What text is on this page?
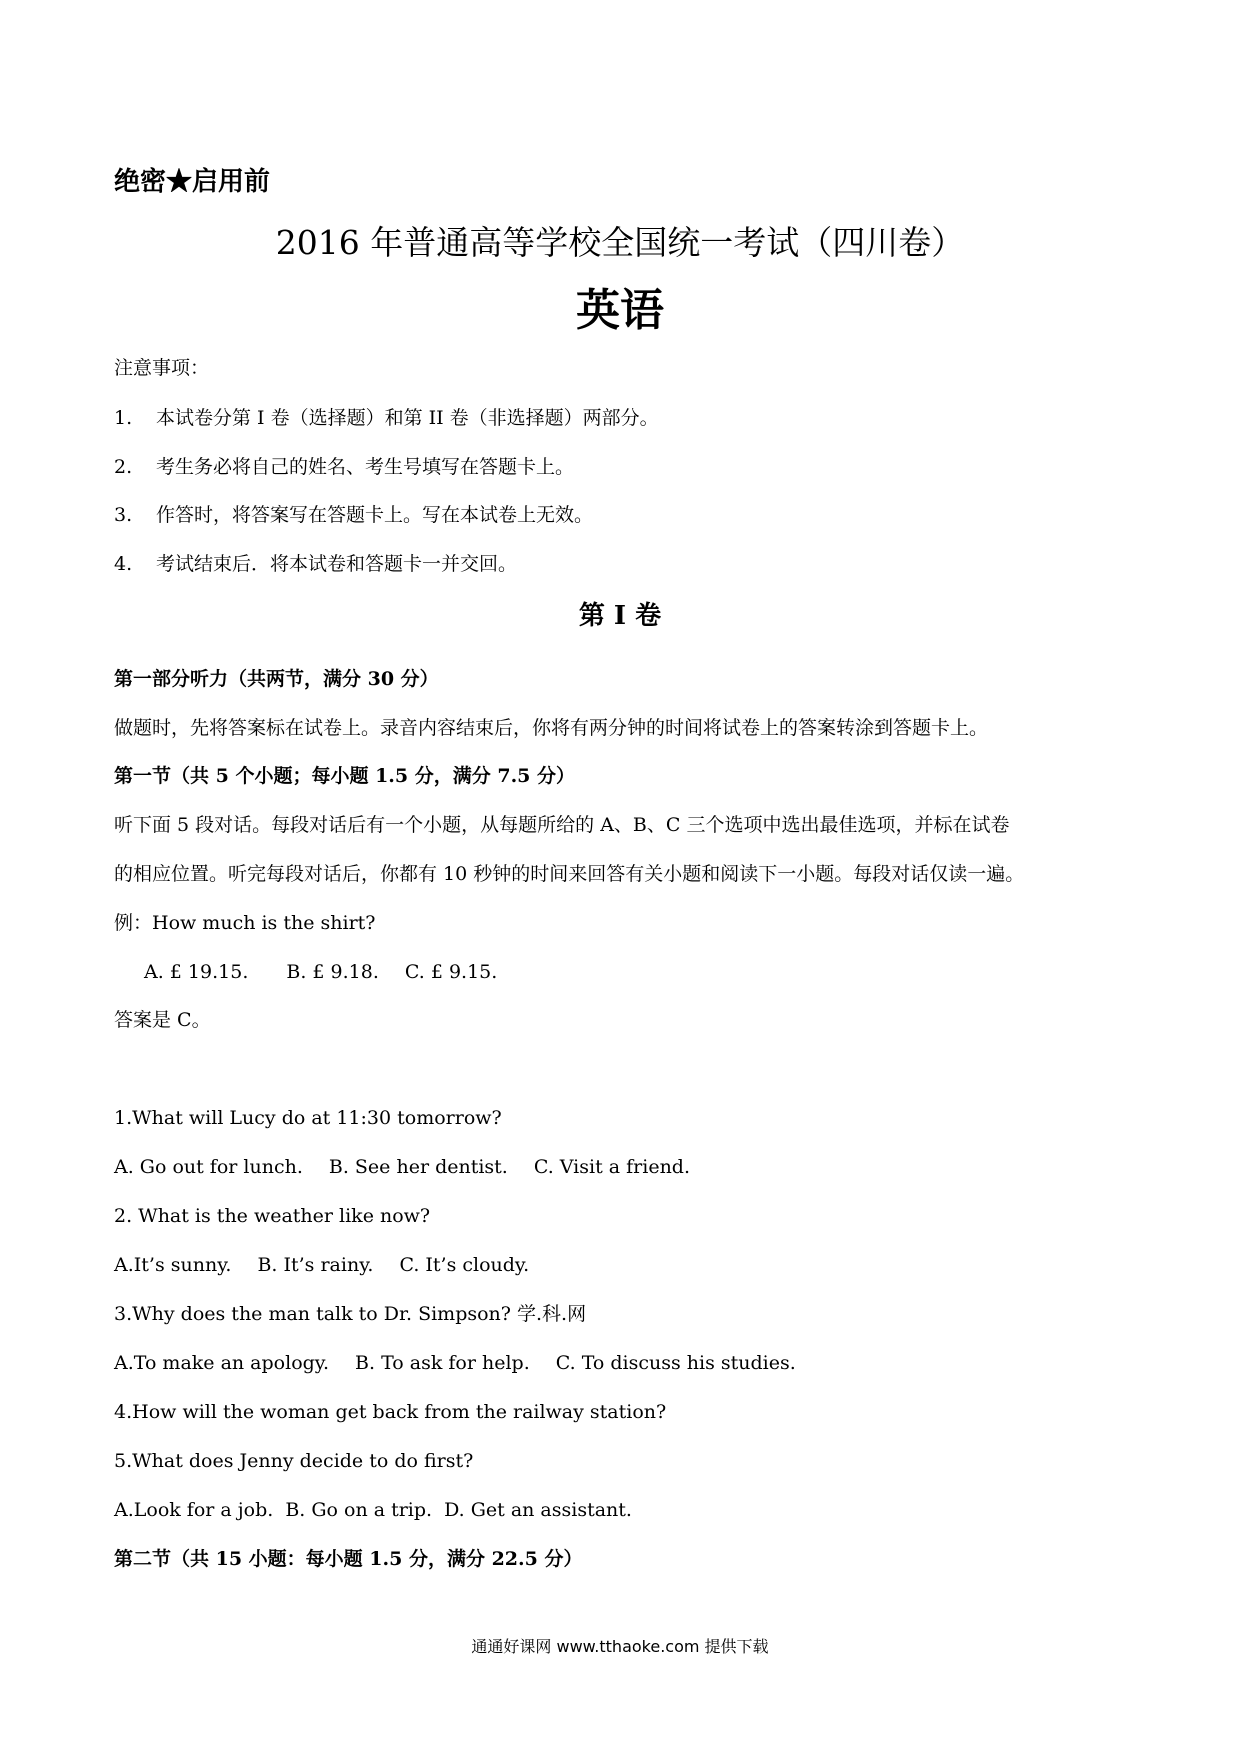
绝密★启用前
2016 年普通高等学校全国统一考试（四川卷）
英语
注意事项：
1. 本试卷分第 I 卷（选择题）和第 II 卷（非选择题）两部分。
2. 考生务必将自己的姓名、考生号填写在答题卡上。
3. 作答时，将答案写在答题卡上。写在本试卷上无效。
4. 考试结束后．将本试卷和答题卡一并交回。
第 I 卷
第一部分听力（共两节，满分 30 分）
做题时，先将答案标在试卷上。录音内容结束后，你将有两分钟的时间将试卷上的答案转涂到答题卡上。
第一节（共 5 个小题；每小题 1.5 分，满分 7.5 分）
听下面 5 段对话。每段对话后有一个小题，从每题所给的 A、B、C 三个选项中选出最佳选项，并标在试卷
的相应位置。听完每段对话后，你都有 10 秒钟的时间来回答有关小题和阅读下一小题。每段对话仅读一遍。
例：How much is the shirt?
A. £ 19.15. B. £ 9.18. C. £ 9.15.
答案是 C。
1.What will Lucy do at 11:30 tomorrow?
A. Go out for lunch. B. See her dentist. C. Visit a friend.
2. What is the weather like now?
A.It’s sunny. B. It’s rainy. C. It’s cloudy.
3.Why does the man talk to Dr. Simpson? 学.科.网
A.To make an apology. B. To ask for help. C. To discuss his studies.
4.How will the woman get back from the railway station?
5.What does Jenny decide to do first?
A.Look for a job. B. Go on a trip. D. Get an assistant.
第二节（共 15 小题：每小题 1.5 分，满分 22.5 分）
通通好课网 www.tthaoke.com 提供下载
